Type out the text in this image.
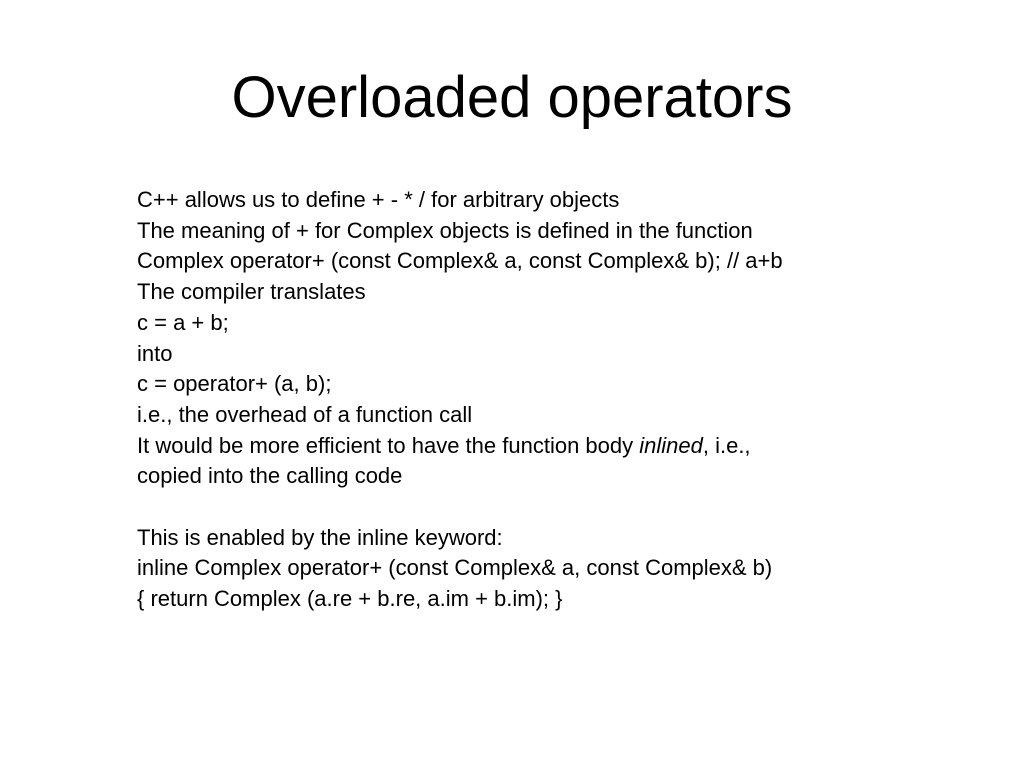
Overloaded operators

C++ allows us to define + - * / for arbitrary objects

The meaning of + for Complex objects is defined in the function

Complex operator+ (const Complex& a, const Complex& b); // a+b

The compiler translates

c = a + b;

into

c = operator+ (a, b);

i.e., the overhead of a function call

It would be more efficient to have the function body inlined, i.e.,

copied into the calling code

This is enabled by the inline keyword:

inline Complex operator+ (const Complex& a, const Complex& b)

{ return Complex (a.re + b.re, a.im + b.im); }
